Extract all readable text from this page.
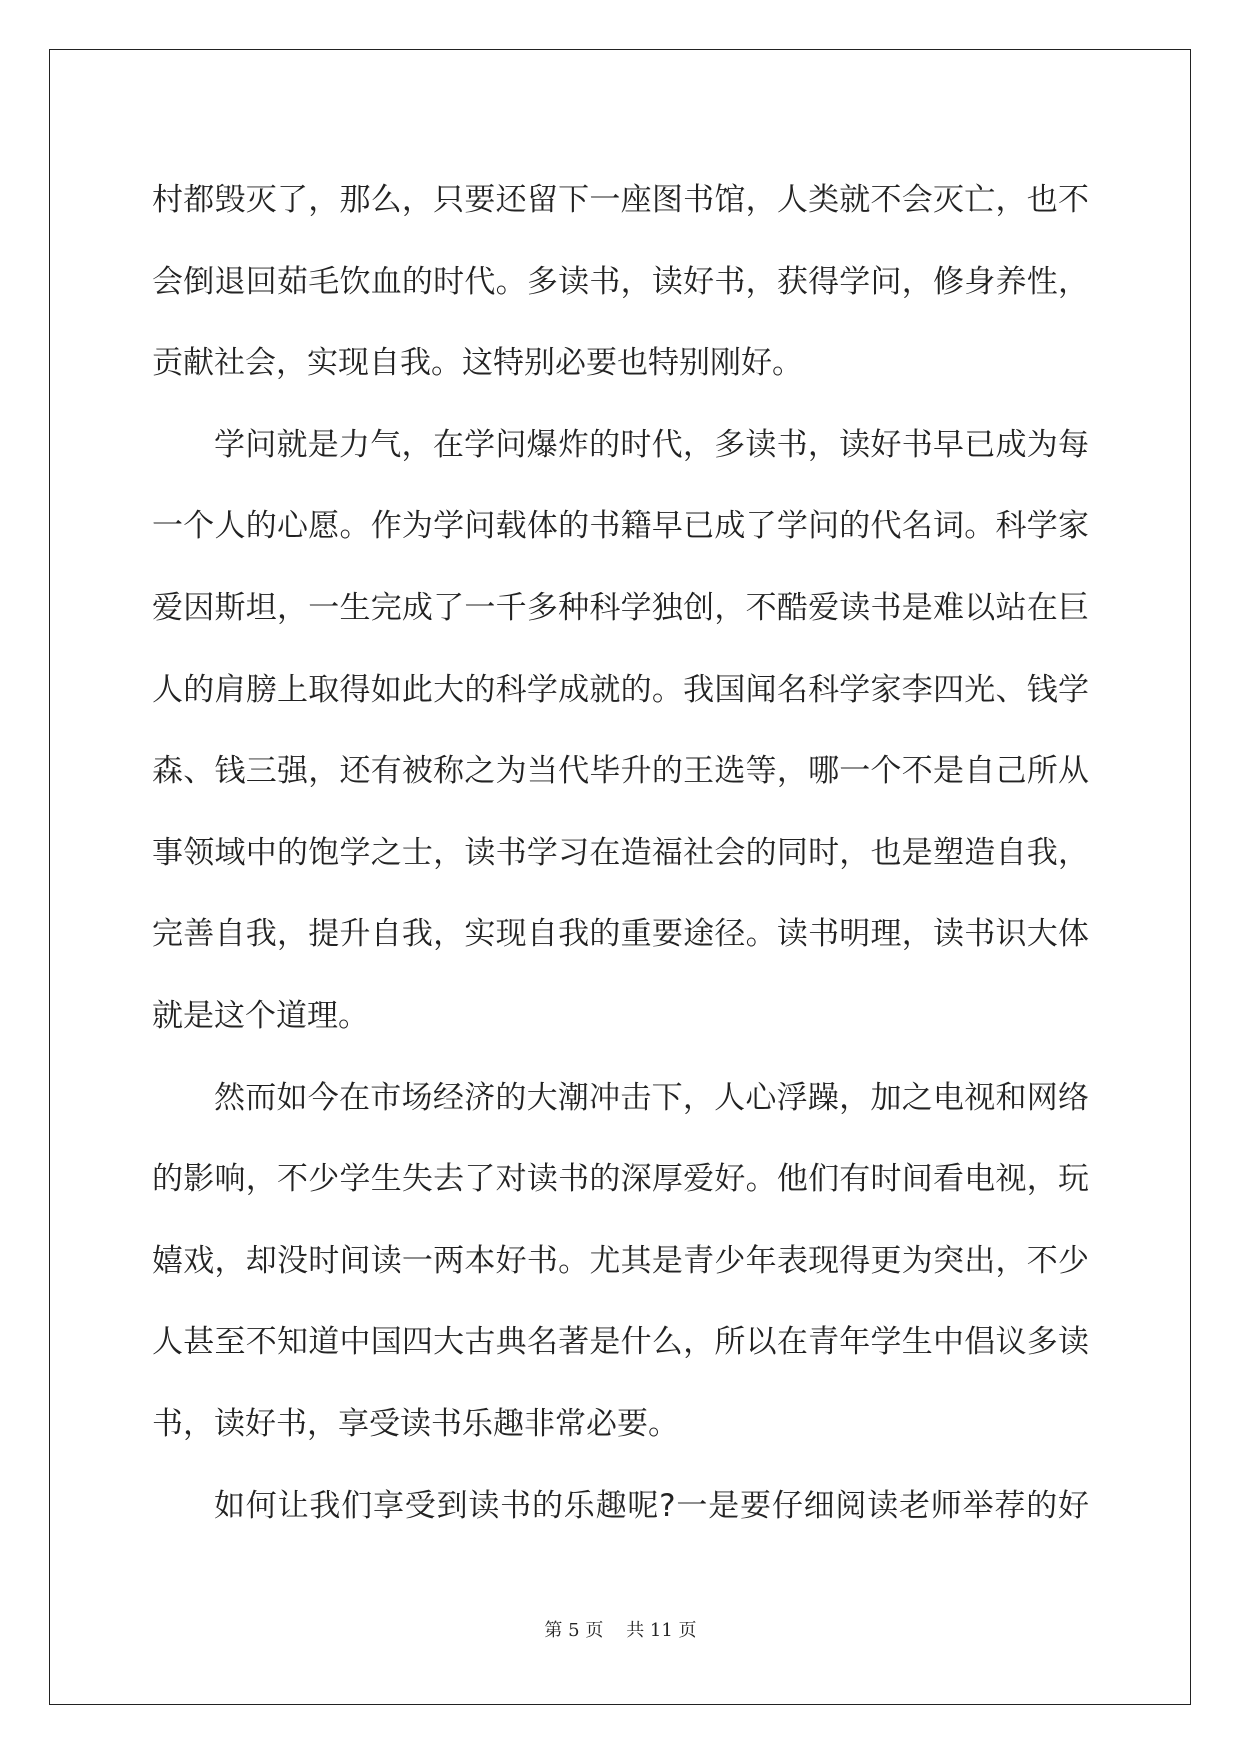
村都毁灭了，那么，只要还留下一座图书馆，人类就不会灭亡，也不
会倒退回茹毛饮血的时代。多读书，读好书，获得学问，修身养性，
贡献社会，实现自我。这特别必要也特别刚好。
学问就是力气，在学问爆炸的时代，多读书，读好书早已成为每
一个人的心愿。作为学问载体的书籍早已成了学问的代名词。科学家
爱因斯坦，一生完成了一千多种科学独创，不酷爱读书是难以站在巨
人的肩膀上取得如此大的科学成就的。我国闻名科学家李四光、钱学
森、钱三强，还有被称之为当代毕升的王选等，哪一个不是自己所从
事领域中的饱学之士，读书学习在造福社会的同时，也是塑造自我，
完善自我，提升自我，实现自我的重要途径。读书明理，读书识大体
就是这个道理。
然而如今在市场经济的大潮冲击下，人心浮躁，加之电视和网络
的影响，不少学生失去了对读书的深厚爱好。他们有时间看电视，玩
嬉戏，却没时间读一两本好书。尤其是青少年表现得更为突出，不少
人甚至不知道中国四大古典名著是什么，所以在青年学生中倡议多读
书，读好书，享受读书乐趣非常必要。
如何让我们享受到读书的乐趣呢?一是要仔细阅读老师举荐的好
第 5 页    共 11 页
